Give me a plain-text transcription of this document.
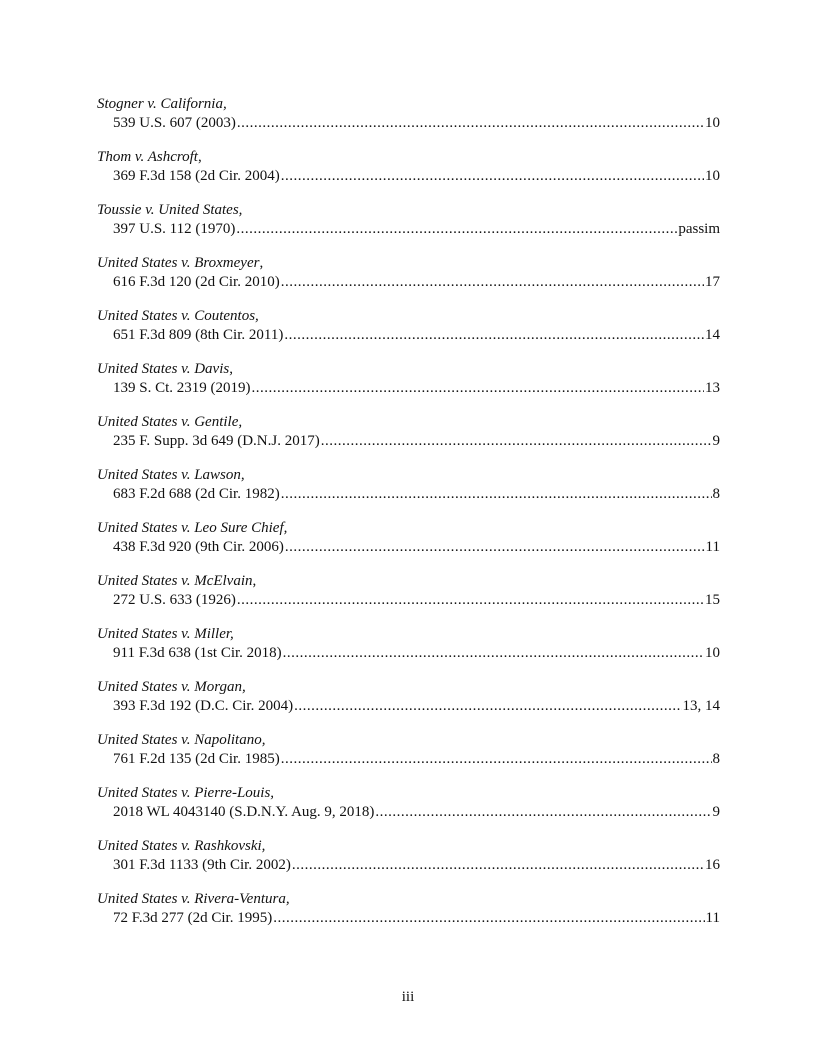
Stogner v. California,
539 U.S. 607 (2003) .....	10
Thom v. Ashcroft,
369 F.3d 158 (2d Cir. 2004) .....	10
Toussie v. United States,
397 U.S. 112 (1970) .....	passim
United States v. Broxmeyer,
616 F.3d 120 (2d Cir. 2010) .....	17
United States v. Coutentos,
651 F.3d 809 (8th Cir. 2011) .....	14
United States v. Davis,
139 S. Ct. 2319 (2019) .....	13
United States v. Gentile,
235 F. Supp. 3d 649 (D.N.J. 2017) .....	9
United States v. Lawson,
683 F.2d 688 (2d Cir. 1982) .....	8
United States v. Leo Sure Chief,
438 F.3d 920 (9th Cir. 2006) .....	11
United States v. McElvain,
272 U.S. 633 (1926) .....	15
United States v. Miller,
911 F.3d 638 (1st Cir. 2018) .....	10
United States v. Morgan,
393 F.3d 192 (D.C. Cir. 2004) .....	13, 14
United States v. Napolitano,
761 F.2d 135 (2d Cir. 1985) .....	8
United States v. Pierre-Louis,
2018 WL 4043140 (S.D.N.Y. Aug. 9, 2018) .....	9
United States v. Rashkovski,
301 F.3d 1133 (9th Cir. 2002) .....	16
United States v. Rivera-Ventura,
72 F.3d 277 (2d Cir. 1995) .....	11
iii
